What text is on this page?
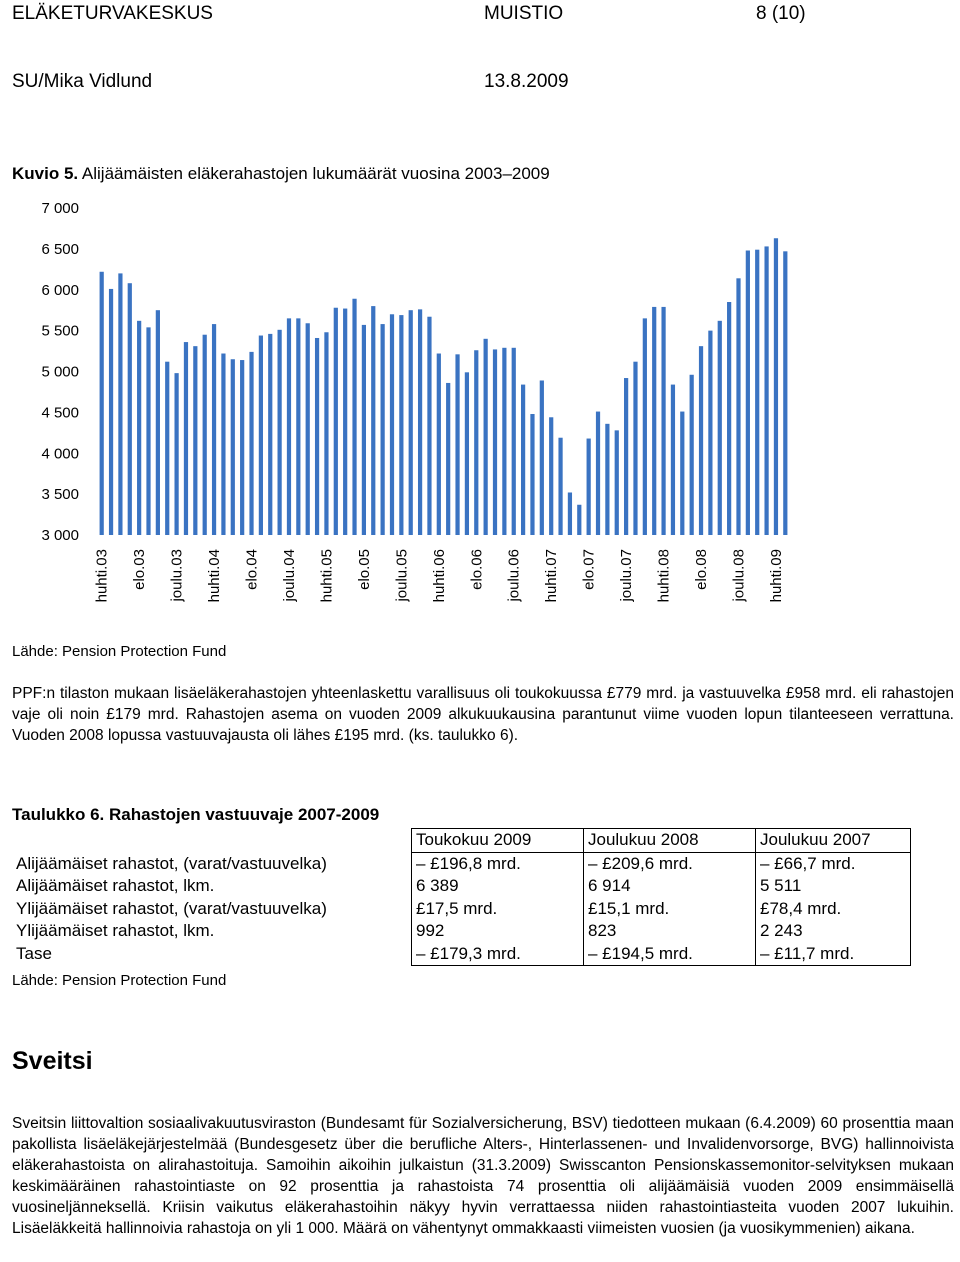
ELÄKETURVAKESKUS	MUISTIO	8 (10)
SU/Mika Vidlund	13.8.2009
Kuvio 5. Alijäämäisten eläkerahastojen lukumäärät vuosina 2003–2009
3 000
3 500
4 000
4 500
5 000
5 500
6 000
6 500
7 000
huhti.03 elo.03 joulu.03 huhti.04 elo.04 joulu.04 huhti.05 elo.05 joulu.05 huhti.06 elo.06 joulu.06 huhti.07 elo.07 joulu.07 huhti.08 elo.08 joulu.08 huhti.09
Lähde: Pension Protection Fund
PPF:n tilaston mukaan lisäeläkerahastojen yhteenlaskettu varallisuus oli toukokuussa £779 mrd. ja vastuuvelka £958 mrd. eli rahastojen vaje oli noin £179 mrd. Rahastojen asema on vuoden 2009 alkukuukausina parantunut viime vuoden lopun tilanteeseen verrattuna. Vuoden 2008 lopussa vastuuvajausta oli lähes £195 mrd. (ks. taulukko 6).
Taulukko 6. Rahastojen vastuuvaje 2007-2009
	Toukokuu 2009	Joulukuu 2008	Joulukuu 2007
Alijäämäiset rahastot, (varat/vastuuvelka)	– £196,8 mrd.	– £209,6 mrd.	– £66,7 mrd.
Alijäämäiset rahastot, lkm.	6 389	6 914	5 511
Ylijäämäiset rahastot, (varat/vastuuvelka)	£17,5 mrd.	£15,1 mrd.	£78,4 mrd.
Ylijäämäiset rahastot, lkm.	992	823	2 243
Tase	– £179,3 mrd.	– £194,5 mrd.	– £11,7 mrd.
Lähde: Pension Protection Fund
Sveitsi
Sveitsin liittovaltion sosiaalivakuutusviraston (Bundesamt für Sozialversicherung, BSV) tiedotteen mukaan (6.4.2009) 60 prosenttia maan pakollista lisäeläkejärjestelmää (Bundesgesetz über die berufliche Alters-, Hinterlassenen- und Invalidenvorsorge, BVG) hallinnoivista eläkerahastoista on alirahastoituja. Samoihin aikoihin julkaistun (31.3.2009) Swisscanton Pensionskassemonitor-selvityksen mukaan keskimääräinen rahastointiaste on 92 prosenttia ja rahastoista 74 prosenttia oli alijäämäisiä vuoden 2009 ensimmäisellä vuosineljänneksellä. Kriisin vaikutus eläkerahastoihin näkyy hyvin verrattaessa niiden rahastointiasteita vuoden 2007 lukuihin. Lisäeläkkeitä hallinnoivia rahastoja on yli 1 000. Määrä on vähentynyt ommakkaasti viimeisten vuosien (ja vuosikymmenien) aikana.
